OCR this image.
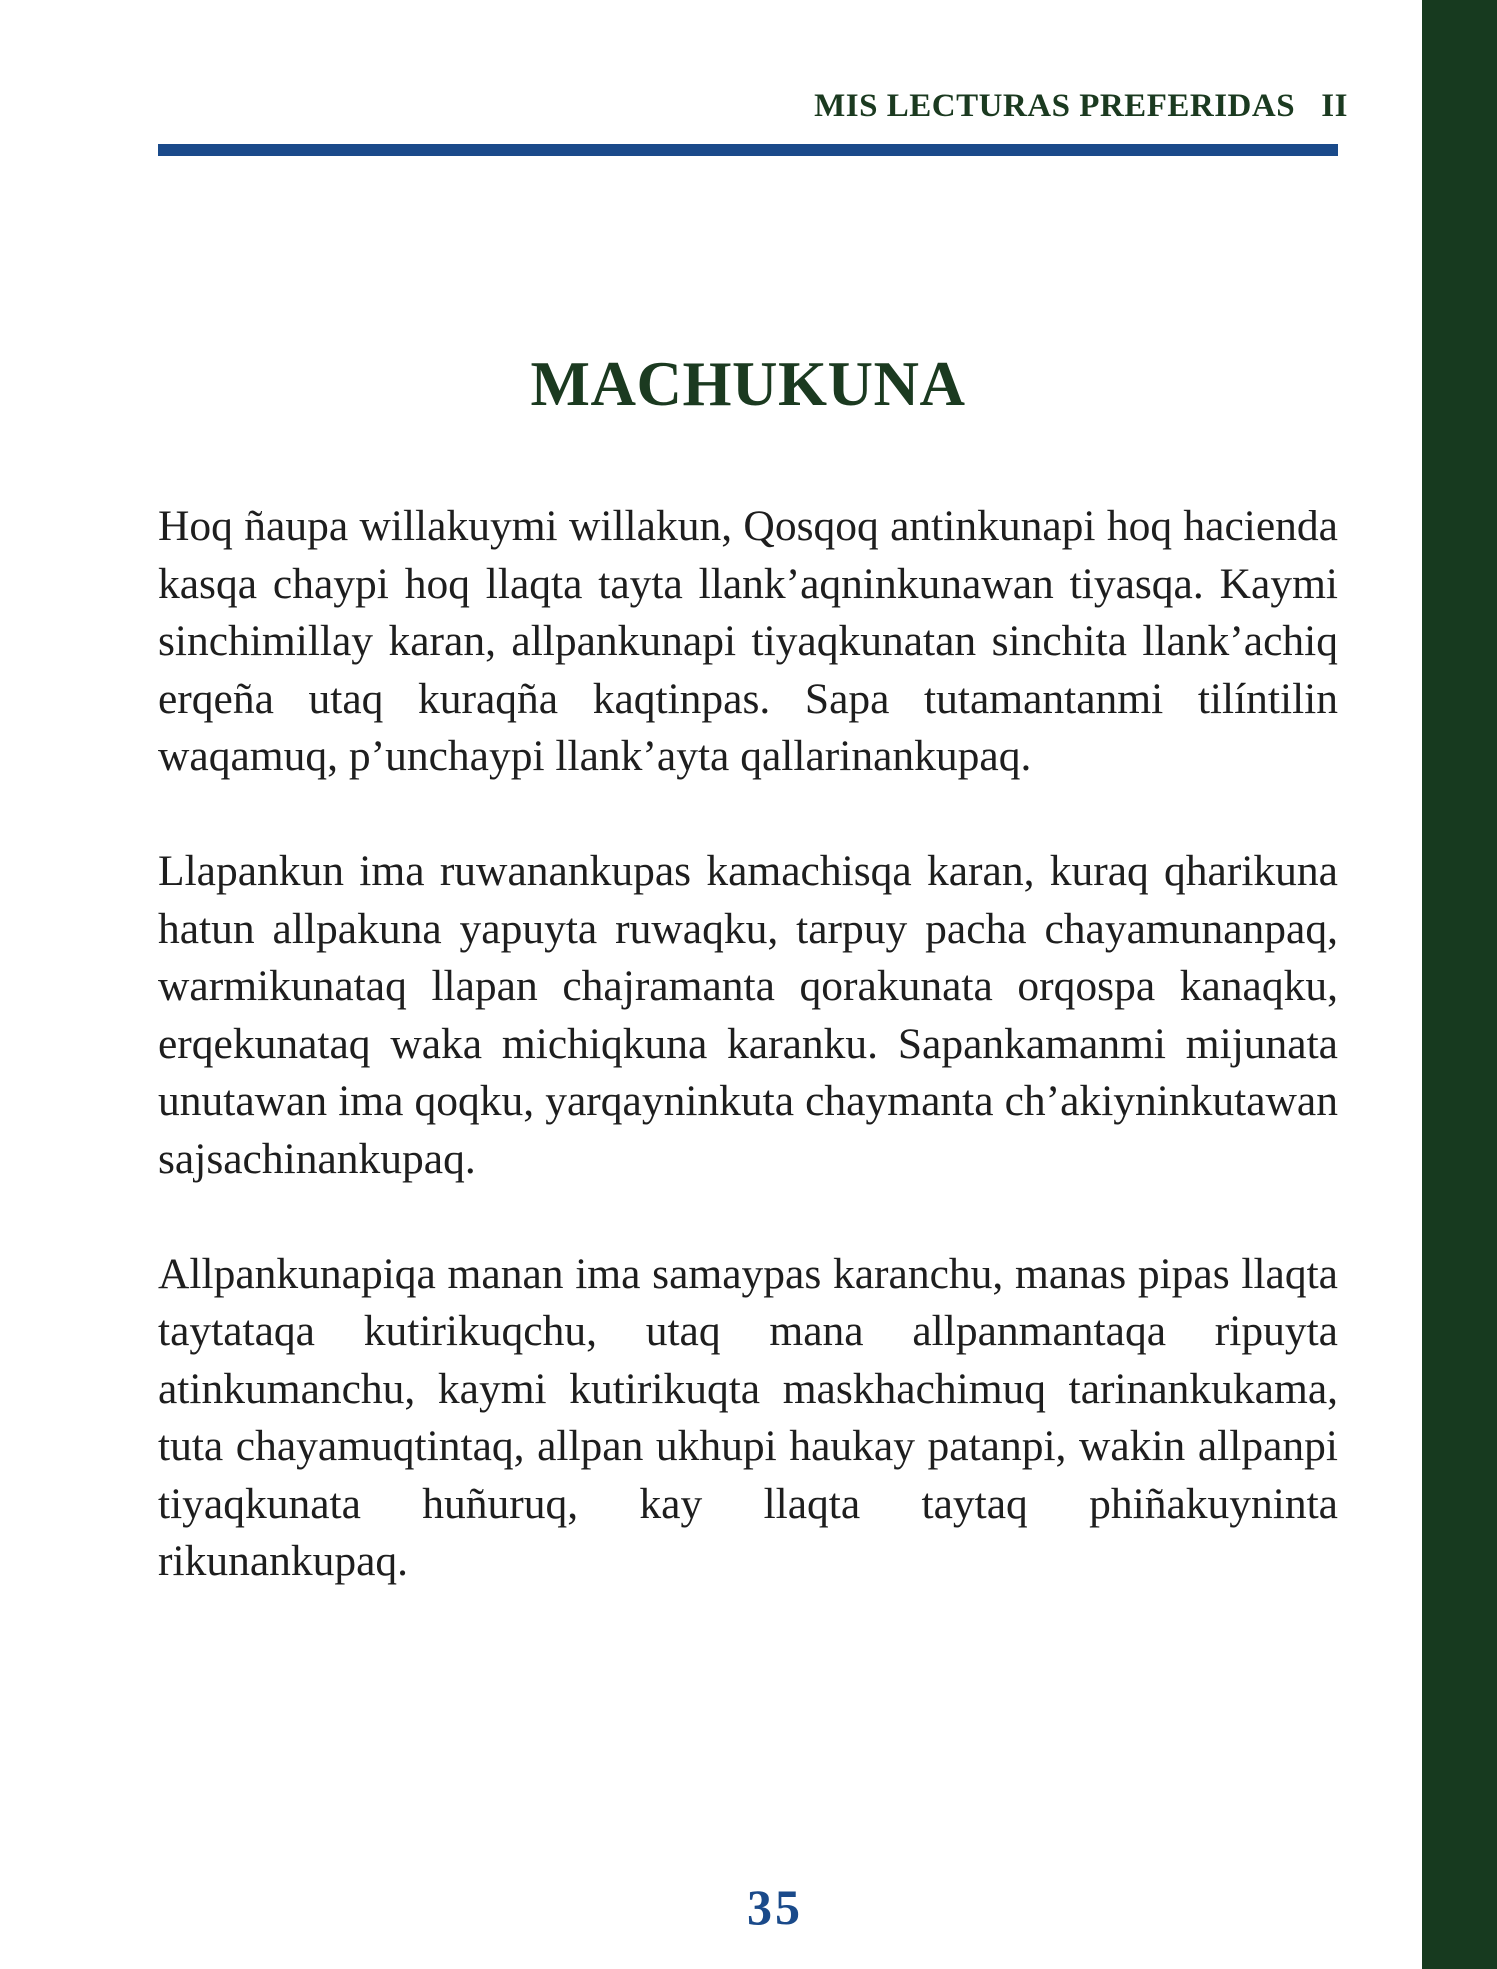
MIS LECTURAS PREFERIDAS   II
MACHUKUNA

Hoq ñaupa willakuymi willakun, Qosqoq antinkunapi hoq hacienda kasqa chaypi hoq llaqta tayta llank’aqninkunawan tiyasqa. Kaymi sinchimillay karan, allpankunapi tiyaqkunatan sinchita llank’achiq erqeña utaq kuraqña kaqtinpas. Sapa tutamantanmi tilíntilin waqamuq, p’unchaypi llank’ayta qallarinankupaq.

Llapankun ima ruwanankupas kamachisqa karan, kuraq qharikuna hatun allpakuna yapuyta ruwaqku, tarpuy pacha chayamunanpaq, warmikunataq llapan chajramanta qorakunata orqospa kanaqku, erqekunataq waka michiqkuna karanku. Sapankamanmi mijunata unutawan ima qoqku, yarqayninkuta chaymanta ch’akiyninkutawan sajsachinankupaq.

Allpankunapiqa manan ima samaypas karanchu, manas pipas llaqta taytataqa kutirikuqchu, utaq mana allpanmantaqa ripuyta atinkumanchu, kaymi kutirikuqta maskhachimuq tarinankukama, tuta chayamuqtintaq, allpan ukhupi haukay patanpi, wakin allpanpi tiyaqkunata huñuruq, kay llaqta taytaq phiñakuyninta rikunankupaq.

35
